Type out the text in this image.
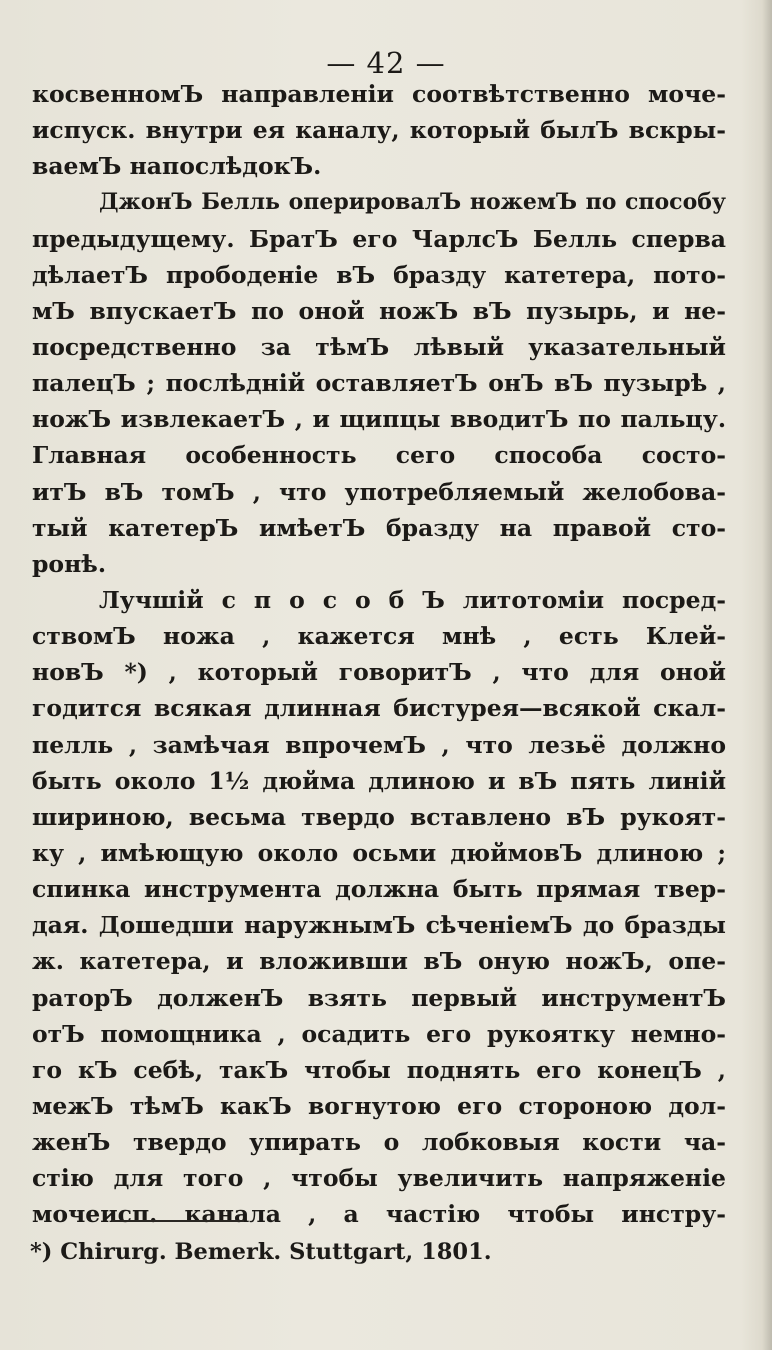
— 42 —
косвенномЪ направленіи соотвѣтственно моче-
испуск. внутри ея каналу, который былЪ вскры-
ваемЪ напослѣдокЪ.
ДжонЪ Белль оперировалЪ ножемЪ по способу
предыдущему. БратЪ его ЧарлсЪ Белль сперва
дѣлаетЪ прободеніе вЪ бразду катетера, пото-
мЪ впускаетЪ по оной ножЪ вЪ пузырь, и не-
посредственно за тѣмЪ лѣвый указательный
палецЪ ; послѣдній оставляетЪ онЪ вЪ пузырѣ ,
ножЪ извлекаетЪ , и щипцы вводитЪ по пальцу.
Главная особенность сего способа состо-
итЪ вЪ томЪ , что употребляемый желобова-
тый катетерЪ имѣетЪ бразду на правой сто-
ронѣ.
Лучшій с п о с о б Ъ литотоміи посред-
ствомЪ ножа , кажется мнѣ , есть Клей-
новЪ *) , который говоритЪ , что для оной
годится всякая длинная бистурея—всякой скал-
пелль , замѣчая впрочемЪ , что лезьё должно
быть около 1½ дюйма длиною и вЪ пять линій
шириною, весьма твердо вставлено вЪ рукоят-
ку , имѣющую около осьми дюймовЪ длиною ;
спинка инструмента должна быть прямая твер-
дая. Дошедши наружнымЪ сѣченіемЪ до бразды
ж. катетера, и вложивши вЪ оную ножЪ, опе-
раторЪ долженЪ взять первый инструментЪ
отЪ помощника , осадить его рукоятку немно-
го кЪ себѣ, такЪ чтобы поднять его конецЪ ,
межЪ тѣмЪ какЪ вогнутою его стороною дол-
женЪ твердо упирать о лобковыя кости ча-
стію для того , чтобы увеличить напряженіе
мочеисп. канала , а частію чтобы инстру-
*) Chirurg. Bemerk. Stuttgart, 1801.
